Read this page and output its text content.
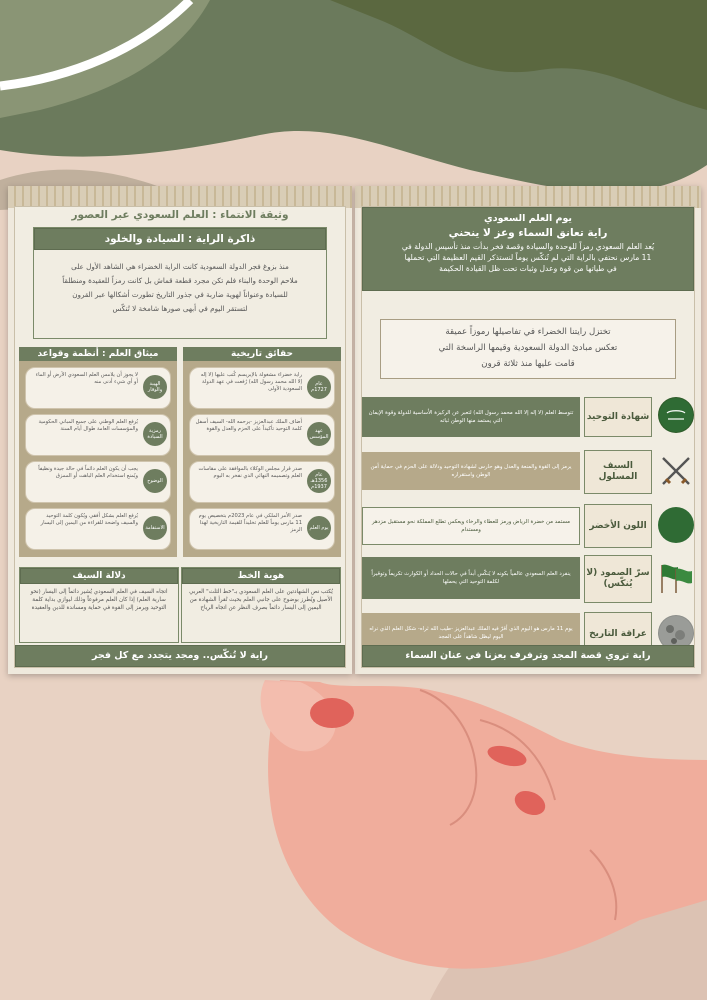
يوم العلم السعودي
راية تعانق السماء وعز لا ينحني
يُعد العلم السعودي رمزاً للوحدة والسيادة وقصة فخر بدأت منذ تأسيس الدولة في
11 مارس نحتفي بالراية التي لم تُنكّس يوماً لنستذكر القيم العظيمة التي تحملها
في طياتها من قوة وعدل وثبات تحت ظل القيادة الحكيمة
تختزل رايتنا الخضراء في تفاصيلها رموزاً عميقة
تعكس مبادئ الدولة السعودية وقيمها الراسخة التي
قامت عليها منذ ثلاثة قرون
شهادة التوحيد
تتوسط العلم (لا إله إلا الله محمد رسول الله) لتعبر عن الركيزة الأساسية للدولة وقوة الإيمان التي يستمد منها الوطن ثباته
السيف المسلول
يرمز إلى القوة والمنعة والعدل وهو حارس لشهادة التوحيد ودلالة على الحزم في حماية أمن الوطن واستقراره
اللون الأخضر
مستمد من خضرة الرياض ورمز للعطاء والرخاء ويعكس تطلع المملكة نحو مستقبل مزدهر ومستدام
سرّ الصمود (لا يُنكّس)
ينفرد العلم السعودي عالمياً بكونه لا يُنكّس أبداً في حالات الحداد أو الكوارث تكريماً وتوقيراً لكلمة التوحيد التي يحملها
عراقة التاريخ
يوم 11 مارس هو اليوم الذي أقرّ فيه الملك عبدالعزيز -طيب الله ثراه- شكل العلم الذي نراه اليوم ليظل شاهداً على المجد
راية تروي قصة المجد وترفرف بعزنا في عنان السماء
وثيقة الانتماء : العلم السعودي عبر العصور
ذاكرة الراية : السيادة والخلود
منذ بزوغ فجر الدولة السعودية كانت الراية الخضراء هي الشاهد الأول على
ملاحم الوحدة والبناء فلم تكن مجرد قطعة قماش بل كانت رمزاً للعقيدة ومنطلقاً
للسيادة وعنواناً لهوية ضاربة في جذور التاريخ تطورت أشكالها عبر القرون
لتستقر اليوم في أبهى صورها شامخة لا تُنكّس
حقائق تاريخية
راية خضراء مشغولة بالإبريسم كُتب عليها (لا إله إلا الله محمد رسول الله) رُفعت في عهد الدولة السعودية الأولى
عام 1727م
أضاف الملك عبدالعزيز -يرحمه الله- السيف أسفل كلمة التوحيد تأكيداً على الحزم والعدل والقوة	عهد المؤسس
صدر قرار مجلس الوكلاء بالموافقة على مقاسات العلم وتصميمه النهائي الذي نفخر به اليوم	عام 1356هـ 1937م
صدر الأمر الملكي في عام 2023م بتخصيص يوم 11 مارس يوماً للعلم تخليداً للقيمة التاريخية لهذا الرمز	يوم العلم
ميثاق العلم : أنظمة وقواعد
لا يجوز أن يلامس العلم السعودي الأرض أو الماء أو أي شيء أدنى منه	الهيبة والوقار
يُرفع العلم الوطني على جميع المباني الحكومية والمؤسسات العامة طوال أيام السنة	رمزية السيادة
يجب أن يكون العلم دائماً في حالة جيدة ونظيفاً ويُمنع استخدام العلم الباهت أو الممزق
الوضوح
يُرفع العلم بشكل أفقي ويُكون كلمة التوحيد والسيف واضحة للقراءة من اليمين إلى اليسار
الاستقامة
هوية الخط
يُكتب نص الشهادتين على العلم السعودي بـ"خط الثلث" العربي الأصيل ويُطرز بوضوح على جانبي العلم بحيث تُقرأ الشهادة من اليمين إلى اليسار دائماً بصرف النظر عن اتجاه الرياح
دلالة السيف
اتجاه السيف في العلم السعودي يُشير دائماً إلى اليسار (نحو سارية العلم) إذا كان العلم مرفوعاً وذلك ليوازي بداية كلمة التوحيد ويرمز إلى القوة في حماية ومساندة للدين والعقيدة
راية لا تُنكّس.. ومجد يتجدد مع كل فجر
